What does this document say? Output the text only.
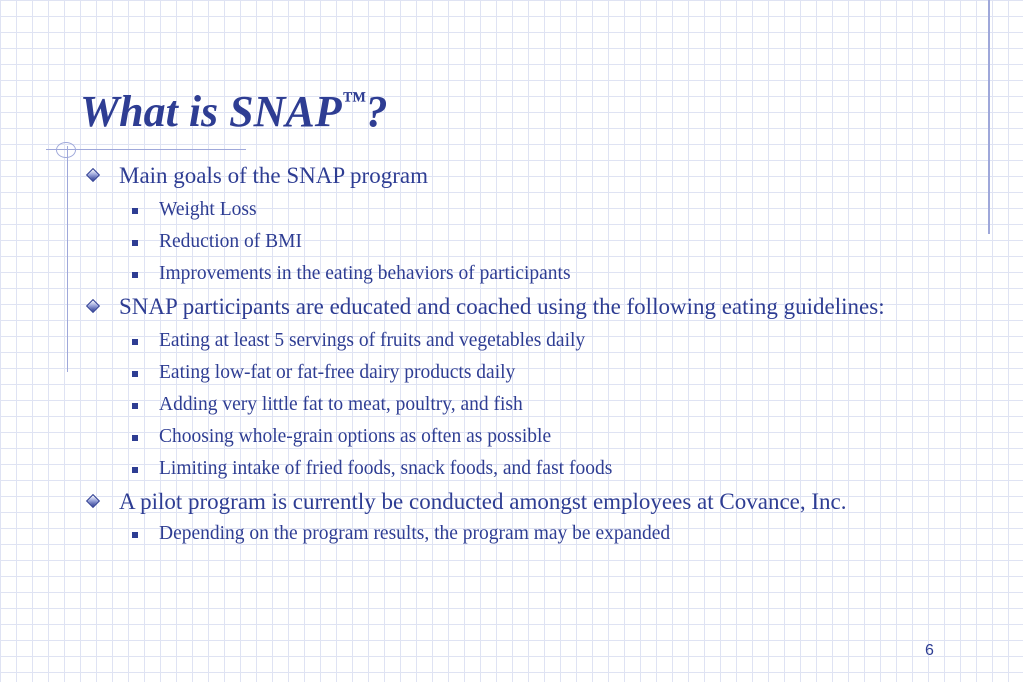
What is SNAP™?

Main goals of the SNAP program

Weight Loss
Reduction of BMI
Improvements in the eating behaviors of participants

SNAP participants are educated and coached using the following eating guidelines:

Eating at least 5 servings of fruits and vegetables daily
Eating low-fat or fat-free dairy products daily
Adding very little fat to meat, poultry, and fish
Choosing whole-grain options as often as possible
Limiting intake of fried foods, snack foods, and fast foods

A pilot program is currently be conducted amongst employees at Covance, Inc.

Depending on the program results, the program may be expanded
6
